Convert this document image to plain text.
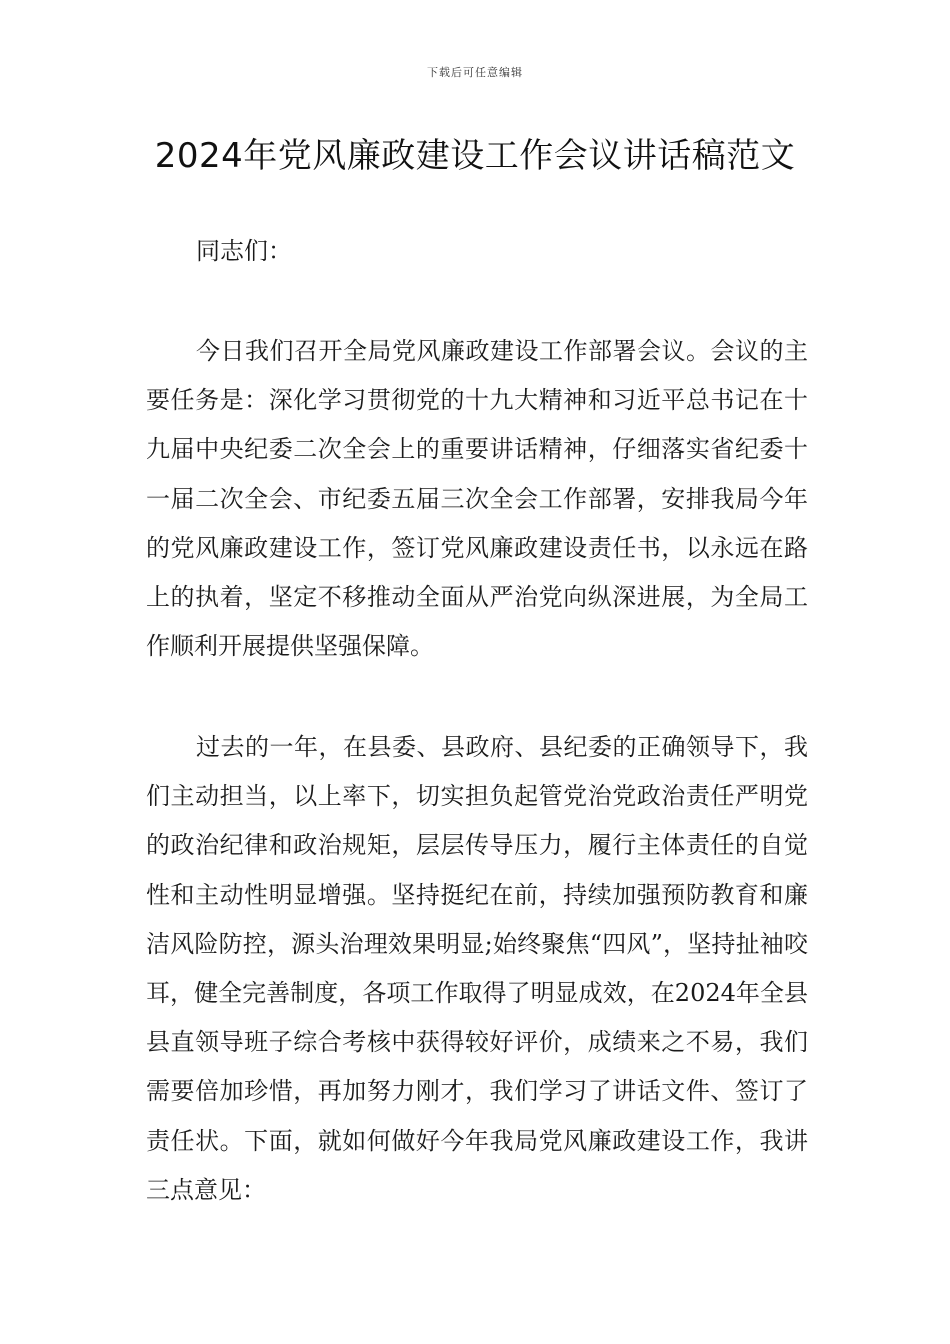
下载后可任意编辑
2024年党风廉政建设工作会议讲话稿范文
同志们：

今日我们召开全局党风廉政建设工作部署会议。会议的主要任务是：深化学习贯彻党的十九大精神和习近平总书记在十九届中央纪委二次全会上的重要讲话精神，仔细落实省纪委十一届二次全会、市纪委五届三次全会工作部署，安排我局今年的党风廉政建设工作，签订党风廉政建设责任书，以永远在路上的执着，坚定不移推动全面从严治党向纵深进展，为全局工作顺利开展提供坚强保障。

过去的一年，在县委、县政府、县纪委的正确领导下，我们主动担当，以上率下，切实担负起管党治党政治责任严明党的政治纪律和政治规矩，层层传导压力，履行主体责任的自觉性和主动性明显增强。坚持挺纪在前，持续加强预防教育和廉洁风险防控，源头治理效果明显;始终聚焦“四风”，坚持扯袖咬耳，健全完善制度，各项工作取得了明显成效，在2024年全县县直领导班子综合考核中获得较好评价，成绩来之不易，我们需要倍加珍惜，再加努力刚才，我们学习了讲话文件、签订了责任状。下面，就如何做好今年我局党风廉政建设工作，我讲三点意见：
